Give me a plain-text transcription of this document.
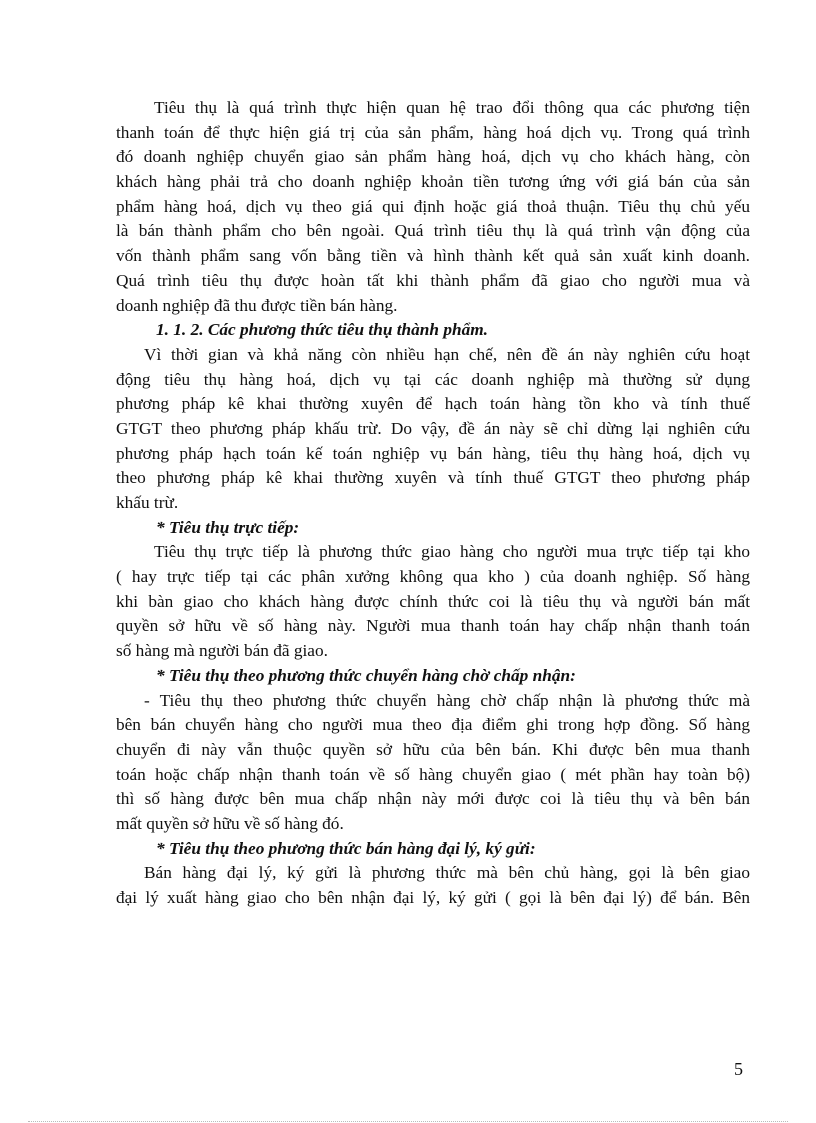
Tiêu thụ là quá trình thực hiện quan hệ trao đổi thông qua các phương tiện
thanh toán để thực hiện giá trị của sản phẩm, hàng hoá dịch vụ. Trong quá trình
đó doanh nghiệp chuyển giao sản phẩm hàng hoá, dịch vụ cho khách hàng, còn
khách hàng phải trả cho doanh nghiệp khoản tiền tương ứng với giá bán của sản
phẩm hàng hoá, dịch vụ theo giá qui định hoặc giá thoả thuận. Tiêu thụ chủ yếu
là bán thành phẩm cho bên ngoài. Quá trình tiêu thụ là quá trình vận động của
vốn thành phẩm sang vốn bằng tiền và hình thành kết quả sản xuất kinh doanh.
Quá trình tiêu thụ được hoàn tất khi thành phẩm đã giao cho người mua và
doanh nghiệp đã thu được tiền bán hàng.
1. 1. 2. Các phương thức tiêu thụ thành phẩm.
Vì thời gian và khả năng còn nhiều hạn chế, nên đề án này nghiên cứu hoạt
động tiêu thụ hàng hoá, dịch vụ tại các doanh nghiệp mà thường sử dụng
phương pháp kê khai thường xuyên để hạch toán hàng tồn kho và tính thuế
GTGT theo phương pháp khấu trừ. Do vậy, đề án này sẽ chỉ dừng lại nghiên cứu
phương pháp hạch toán kế toán nghiệp vụ bán hàng, tiêu thụ hàng hoá, dịch vụ
theo phương pháp kê khai thường xuyên và tính thuế GTGT theo phương pháp
khấu trừ.
* Tiêu thụ trực tiếp:
Tiêu thụ trực tiếp là phương thức giao hàng cho người mua trực tiếp tại kho
( hay trực tiếp tại các phân xưởng không qua kho ) của doanh nghiệp. Số hàng
khi bàn giao cho khách hàng được chính thức coi là tiêu thụ và người bán mất
quyền sở hữu về số hàng này. Người mua thanh toán hay chấp nhận thanh toán
số hàng mà người bán đã giao.
* Tiêu thụ theo phương thức chuyển hàng chờ chấp nhận:
- Tiêu thụ theo phương thức chuyển hàng chờ chấp nhận là phương thức mà
bên bán chuyển hàng cho người mua theo địa điểm ghi trong hợp đồng. Số hàng
chuyển đi này vẫn thuộc quyền sở hữu của bên bán. Khi được bên mua thanh
toán hoặc chấp nhận thanh toán về số hàng chuyển giao ( mét phần hay toàn bộ)
thì số hàng được bên mua chấp nhận này mới được coi là tiêu thụ và bên bán
mất quyền sở hữu về số hàng đó.
* Tiêu thụ theo phương thức bán hàng đại lý, ký gửi:
Bán hàng đại lý, ký gửi là phương thức mà bên chủ hàng, gọi là bên giao
đại lý xuất hàng giao cho bên nhận đại lý, ký gửi ( gọi là bên đại lý) để bán. Bên
5
